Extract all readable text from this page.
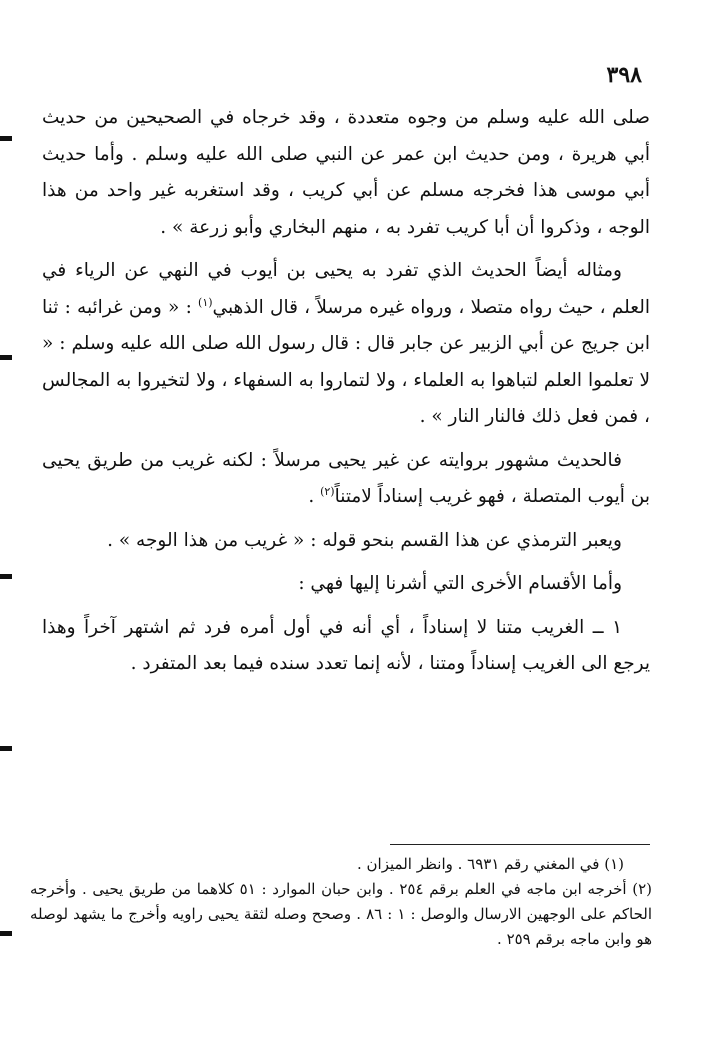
٣٩٨

صلى الله عليه وسلم من وجوه متعددة ، وقد خرجاه في الصحيحين من حديث أبي هريرة ، ومن حديث ابن عمر عن النبي صلى الله عليه وسلم . وأما حديث أبي موسى هذا فخرجه مسلم عن أبي كريب ، وقد استغربه غير واحد من هذا الوجه ، وذكروا أن أبا كريب تفرد به ، منهم البخاري وأبو زرعة » .

ومثاله أيضاً الحديث الذي تفرد به يحيى بن أيوب في النهي عن الرياء في العلم ، حيث رواه متصلا ، ورواه غيره مرسلاً ، قال الذهبي$^{(١)}$ : « ومن غرائبه : ثنا ابن جريج عن أبي الزبير عن جابر قال : قال رسول الله صلى الله عليه وسلم : « لا تعلموا العلم لتباهوا به العلماء ، ولا لتماروا به السفهاء ، ولا لتخيروا به المجالس ، فمن فعل ذلك فالنار النار » .

فالحديث مشهور بروايته عن غير يحيى مرسلاً : لكنه غريب من طريق يحيى بن أيوب المتصلة ، فهو غريب إسناداً لامتناً$^{(٢)}$ .

ويعبر الترمذي عن هذا القسم بنحو قوله : « غريب من هذا الوجه » .

وأما الأقسام الأخرى التي أشرنا إليها فهي :

١ ــ الغريب متنا لا إسناداً ، أي أنه في أول أمره فرد ثم اشتهر آخراً وهذا يرجع الى الغريب إسناداً ومتنا ، لأنه إنما تعدد سنده فيما بعد المتفرد .

(١) في المغني رقم ٦٩٣١ . وانظر الميزان .

(٢) أخرجه ابن ماجه في العلم برقم ٢٥٤ . وابن حبان الموارد : ٥١ كلاهما من طريق يحيى . وأخرجه الحاكم على الوجهين الارسال والوصل : ١ : ٨٦ . وصحح وصله لثقة يحيى راويه وأخرج ما يشهد لوصله هو وابن ماجه برقم ٢٥٩ .
